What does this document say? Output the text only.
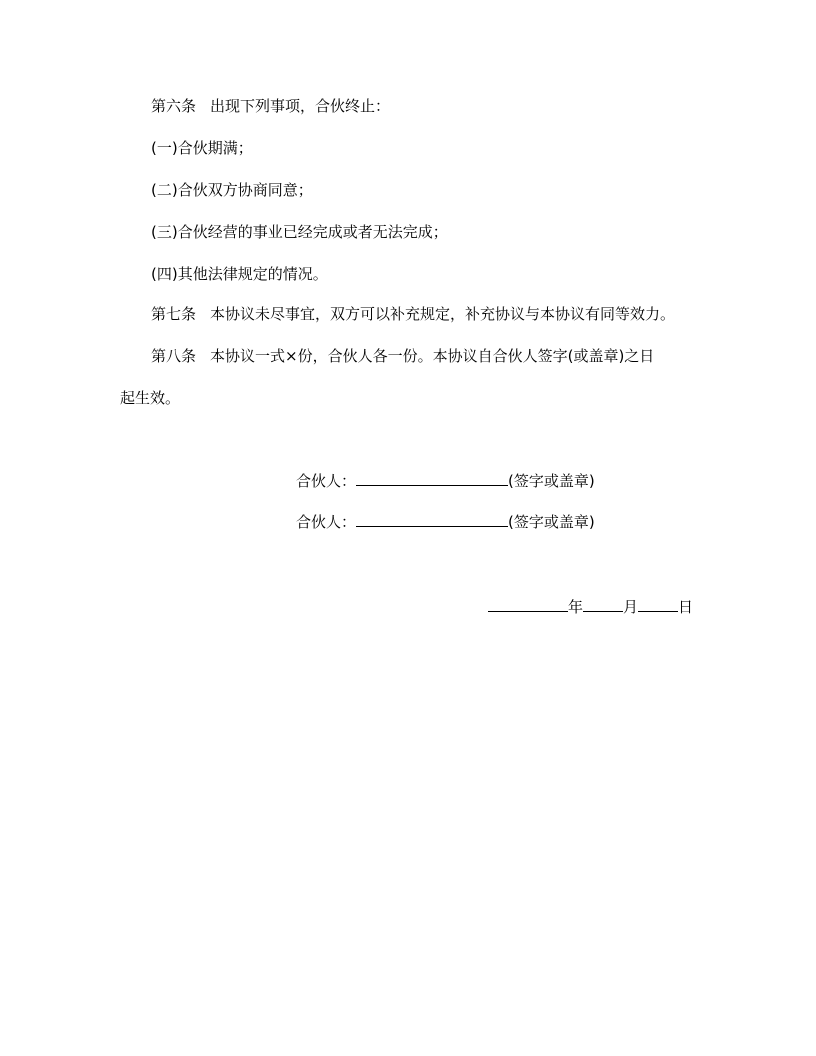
第六条 出现下列事项，合伙终止：
(一)合伙期满；
(二)合伙双方协商同意；
(三)合伙经营的事业已经完成或者无法完成；
(四)其他法律规定的情况。
第七条 本协议未尽事宜，双方可以补充规定，补充协议与本协议有同等效力。
第八条 本协议一式×份，合伙人各一份。本协议自合伙人签字(或盖章)之日
起生效。
合伙人：	(签字或盖章)
合伙人：	(签字或盖章)
年	月	日
